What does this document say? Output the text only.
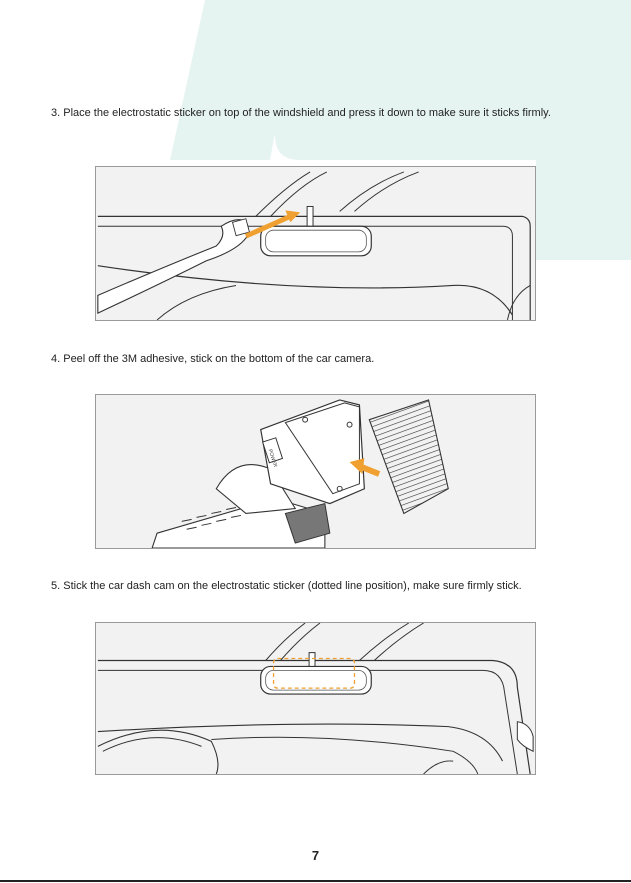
3. Place the electrostatic sticker on top of the windshield and press it down to make sure it sticks firmly.
4. Peel off the 3M adhesive, stick on the bottom of the car camera.
POWER
5. Stick the car dash cam on the electrostatic sticker (dotted line position), make sure firmly stick.
7
